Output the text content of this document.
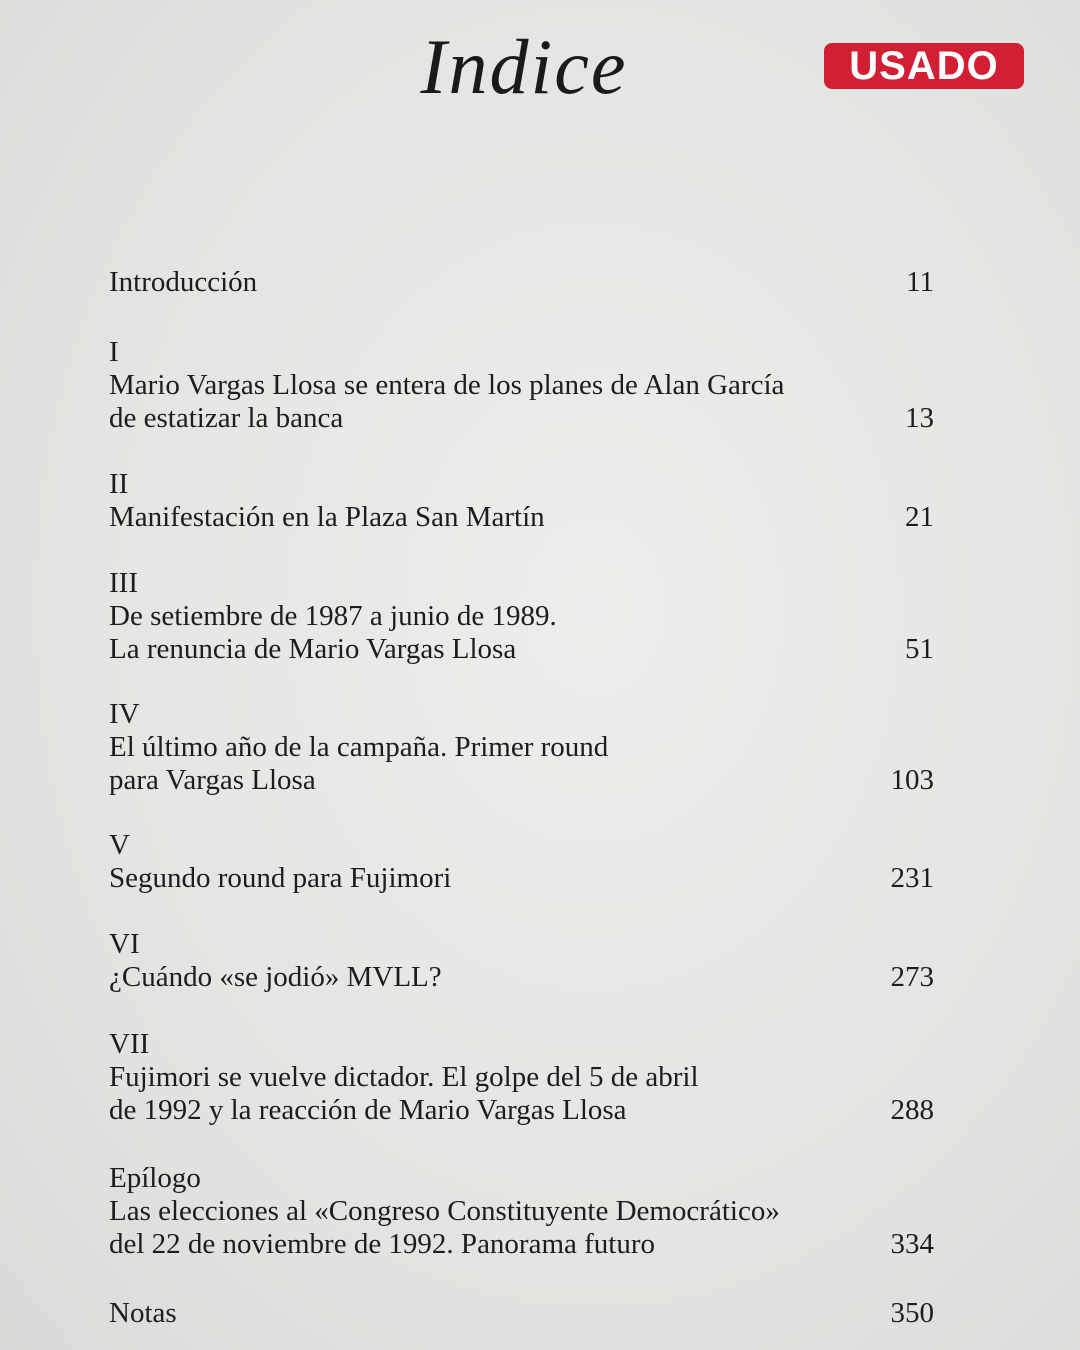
Indice	USADO
Introducción	11
I
Mario Vargas Llosa se entera de los planes de Alan García
de estatizar la banca	13
II
Manifestación en la Plaza San Martín	21
III
De setiembre de 1987 a junio de 1989.
La renuncia de Mario Vargas Llosa	51
IV
El último año de la campaña. Primer round
para Vargas Llosa	103
V
Segundo round para Fujimori	231
VI
¿Cuándo «se jodió» MVLL?	273
VII
Fujimori se vuelve dictador. El golpe del 5 de abril
de 1992 y la reacción de Mario Vargas Llosa	288
Epílogo
Las elecciones al «Congreso Constituyente Democrático»
del 22 de noviembre de 1992. Panorama futuro	334
Notas	350
